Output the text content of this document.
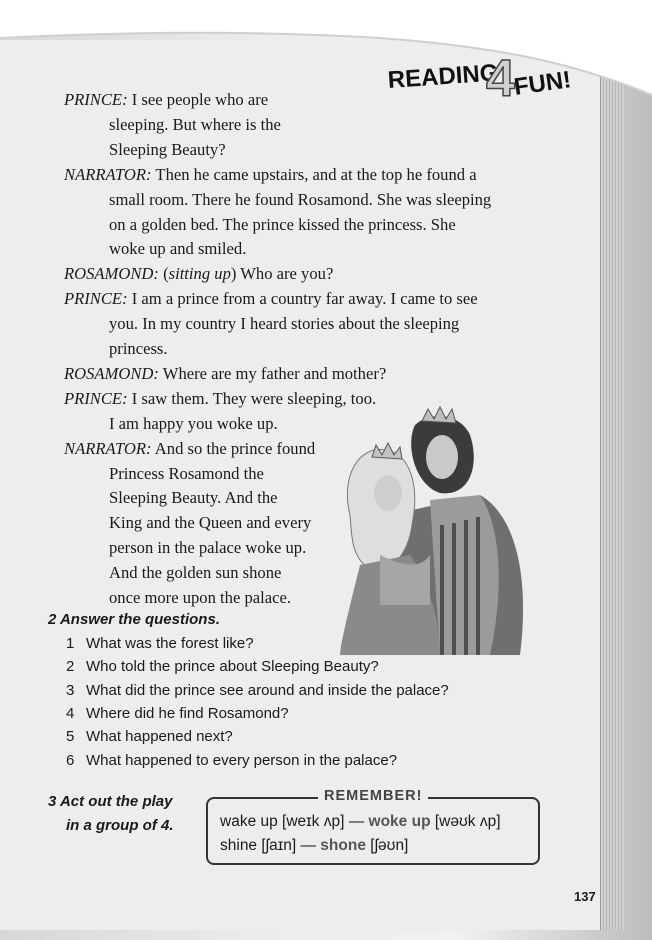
READING
4
FUN!
PRINCE: I see people who are
sleeping. But where is the
Sleeping Beauty?
NARRATOR: Then he came upstairs, and at the top he found a
small room. There he found Rosamond. She was sleeping
on a golden bed. The prince kissed the princess. She
woke up and smiled.
ROSAMOND: (sitting up) Who are you?
PRINCE: I am a prince from a country far away. I came to see
you. In my country I heard stories about the sleeping
princess.
ROSAMOND: Where are my father and mother?
PRINCE: I saw them. They were sleeping, too.
I am happy you woke up.
NARRATOR: And so the prince found
Princess Rosamond the
Sleeping Beauty. And the
King and the Queen and every
person in the palace woke up.
And the golden sun shone
once more upon the palace.
2 Answer the questions.
1 What was the forest like?
2 Who told the prince about Sleeping Beauty?
3 What did the prince see around and inside the palace?
4 Where did he find Rosamond?
5 What happened next?
6 What happened to every person in the palace?
3 Act out the play
in a group of 4.
REMEMBER!
wake up [weɪk ʌp] — woke up [wəʊk ʌp]
shine [ʃaɪn] — shone [ʃəʊn]
137
